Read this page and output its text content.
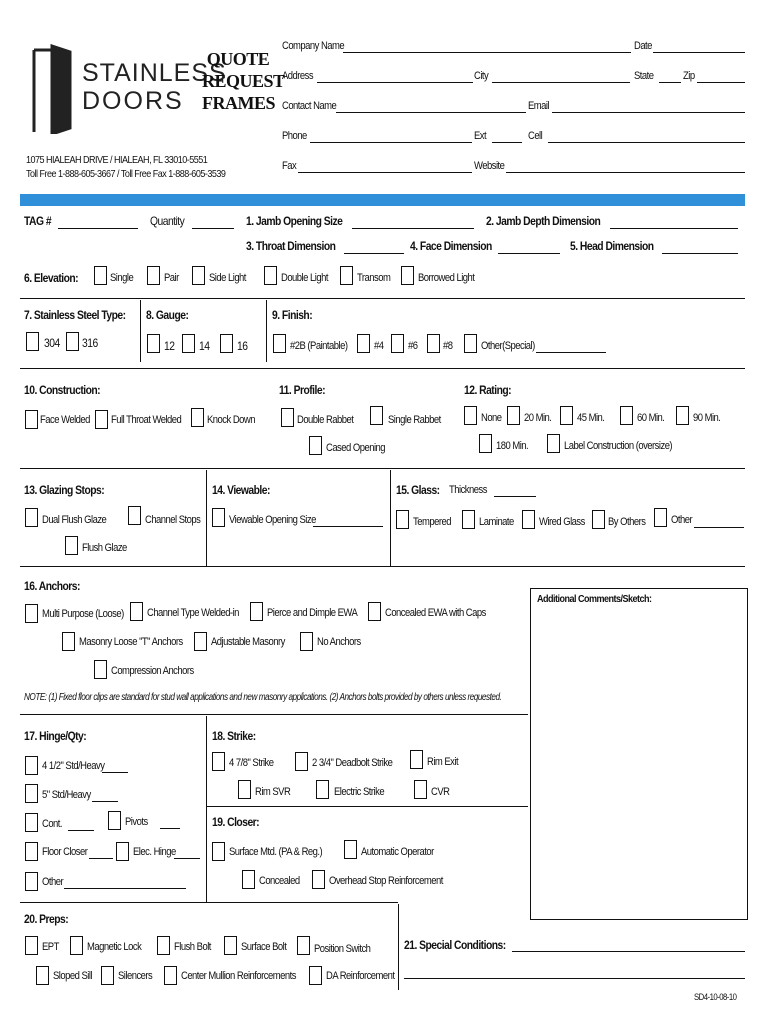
STAINLESS
DOORS
QUOTE
REQUEST
FRAMES
1075 HIALEAH DRIVE / HIALEAH, FL 33010-5551
Toll Free 1-888-605-3667 / Toll Free Fax 1-888-605-3539
Company Name	Date
Address	City	State	Zip
Contact Name	Email
Phone	Ext	Cell
Fax	Website
TAG #	Quantity	1. Jamb Opening Size	2. Jamb Depth Dimension
3. Throat Dimension	4. Face Dimension	5. Head Dimension
6. Elevation:	Single	Pair	Side Light	Double Light	Transom	Borrowed Light
7. Stainless Steel Type:
304 316
8. Gauge:
12 14 16
9. Finish:
#2B (Paintable) #4 #6 #8	Other(Special)
10. Construction:
Face Welded Full Throat Welded Knock Down
11. Profile:
Double Rabbet	Single Rabbet
Cased Opening
12. Rating:
None 20 Min. 45 Min.	60 Min.	90 Min.
180 Min.	Label Construction (oversize)
13. Glazing Stops:
Dual Flush Glaze	Channel Stops
Flush Glaze
14. Viewable:
Viewable Opening Size
15. Glass: Thickness
Tempered	Laminate Wired Glass By Others Other
16. Anchors:
Multi Purpose (Loose) Channel Type Welded-in	Pierce and Dimple EWA	Concealed EWA with Caps
Masonry Loose "T" Anchors	Adjustable Masonry	No Anchors
Compression Anchors
NOTE: (1) Fixed floor clips are standard for stud wall applications and new masonry applications. (2) Anchors bolts provided by others unless requested.
Additional Comments/Sketch:
17. Hinge/Qty:
4 1/2" Std/Heavy
5" Std/Heavy
Cont.	Pivots
Floor Closer	Elec. Hinge
Other
18. Strike:
4 7/8" Strike	2 3/4" Deadbolt Strike	Rim Exit
Rim SVR	Electric Strike	CVR
19. Closer:
Surface Mtd. (PA & Reg.)	Automatic Operator
Concealed	Overhead Stop Reinforcement
20. Preps:
EPT	Magnetic Lock	Flush Bolt	Surface Bolt	Position Switch
Sloped Sill Silencers	Center Mullion Reinforcements	DA Reinforcement
21. Special Conditions:
SD4-10-08-10
